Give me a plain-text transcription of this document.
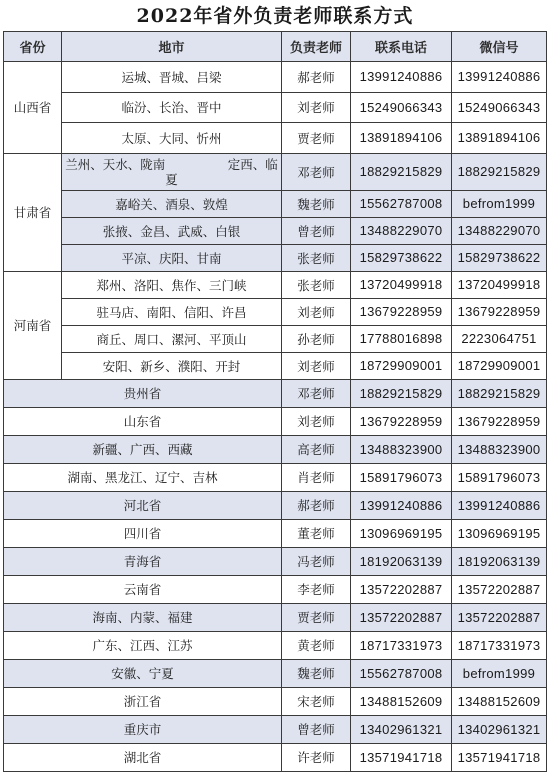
2022年省外负责老师联系方式
省份	地市	负责老师	联系电话	微信号
山西省	运城、晋城、吕梁	郝老师	13991240886	13991240886
	临汾、长治、晋中	刘老师	15249066343	15249066343
	太原、大同、忻州	贾老师	13891894106	13891894106
甘肃省	兰州、天水、陇南　　　　　定西、临夏	邓老师	18829215829	18829215829
	嘉峪关、酒泉、敦煌	魏老师	15562787008	befrom1999
	张掖、金昌、武威、白银	曾老师	13488229070	13488229070
	平凉、庆阳、甘南	张老师	15829738622	15829738622
河南省	郑州、洛阳、焦作、三门峡	张老师	13720499918	13720499918
	驻马店、南阳、信阳、许昌	刘老师	13679228959	13679228959
	商丘、周口、漯河、平顶山	孙老师	17788016898	2223064751
	安阳、新乡、濮阳、开封	刘老师	18729909001	18729909001
贵州省		邓老师	18829215829	18829215829
山东省		刘老师	13679228959	13679228959
新疆、广西、西藏		高老师	13488323900	13488323900
湖南、黑龙江、辽宁、吉林		肖老师	15891796073	15891796073
河北省		郝老师	13991240886	13991240886
四川省		董老师	13096969195	13096969195
青海省		冯老师	18192063139	18192063139
云南省		李老师	13572202887	13572202887
海南、内蒙、福建		贾老师	13572202887	13572202887
广东、江西、江苏		黄老师	18717331973	18717331973
安徽、宁夏		魏老师	15562787008	befrom1999
浙江省		宋老师	13488152609	13488152609
重庆市		曾老师	13402961321	13402961321
湖北省		许老师	13571941718	13571941718
